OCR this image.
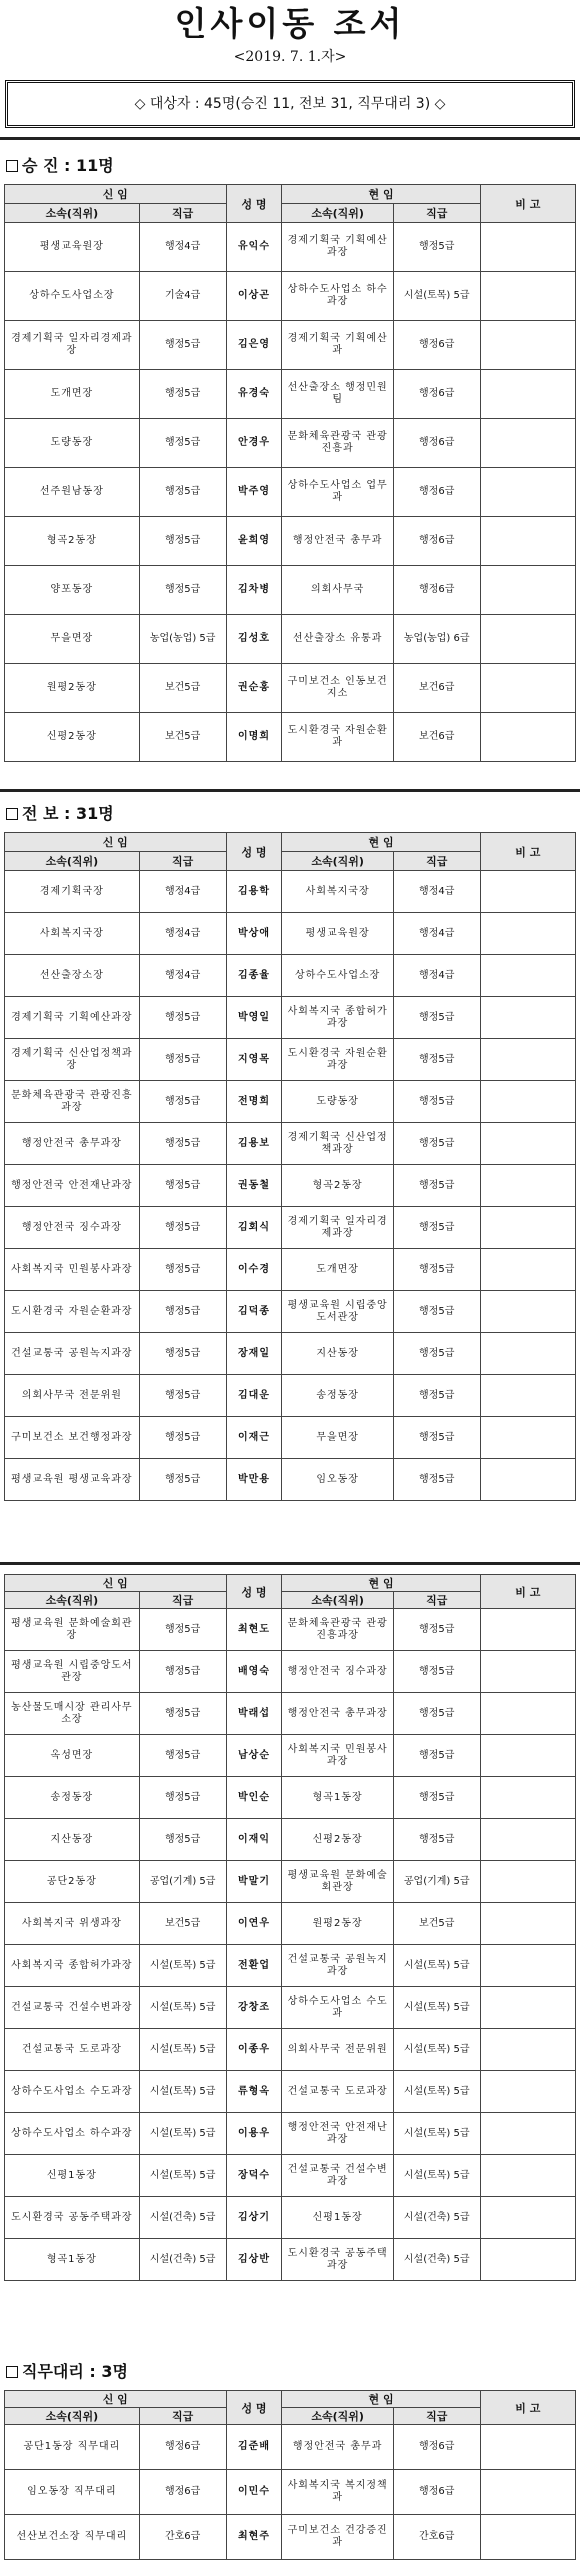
인사이동 조서
<2019. 7. 1.자>
◇ 대상자 : 45명(승진 11, 전보 31, 직무대리 3) ◇
승 진 : 11명
신 임		성 명	현 임		비 고
소속(직위)	직급		소속(직위)	직급	
평생교육원장	행정4급	유익수	경제기획국 기획예산과장	행정5급	
상하수도사업소장	기술4급	이상곤	상하수도사업소 하수과장	시설(토목) 5급	
경제기획국 일자리경제과장	행정5급	김은영	경제기획국 기획예산과	행정6급	
도개면장	행정5급	유경숙	선산출장소 행정민원팀	행정6급	
도량동장	행정5급	안경우	문화체육관광국 관광진흥과	행정6급	
선주원남동장	행정5급	박주영	상하수도사업소 업무과	행정6급	
형곡2동장	행정5급	윤희영	행정안전국 총무과	행정6급	
양포동장	행정5급	김차병	의회사무국	행정6급	
무을면장	농업(농업) 5급	김성호	선산출장소 유통과	농업(농업) 6급	
원평2동장	보건5급	권순홍	구미보건소 인동보건지소	보건6급	
신평2동장	보건5급	이명희	도시환경국 자원순환과	보건6급	
전 보 : 31명
신 임		성 명	현 임		비 고
소속(직위)	직급		소속(직위)	직급	
경제기획국장	행정4급	김용학	사회복지국장	행정4급	
사회복지국장	행정4급	박상애	평생교육원장	행정4급	
선산출장소장	행정4급	김종율	상하수도사업소장	행정4급	
경제기획국 기획예산과장	행정5급	박영일	사회복지국 종합허가과장	행정5급	
경제기획국 신산업정책과장	행정5급	지영목	도시환경국 자원순환과장	행정5급	
문화체육관광국 관광진흥과장	행정5급	전명희	도량동장	행정5급	
행정안전국 총무과장	행정5급	김용보	경제기획국 신산업정책과장	행정5급	
행정안전국 안전재난과장	행정5급	권동철	형곡2동장	행정5급	
행정안전국 징수과장	행정5급	김회식	경제기획국 일자리경제과장	행정5급	
사회복지국 민원봉사과장	행정5급	이수경	도개면장	행정5급	
도시환경국 자원순환과장	행정5급	김덕종	평생교육원 시립중앙도서관장	행정5급	
건설교통국 공원녹지과장	행정5급	장재일	지산동장	행정5급	
의회사무국 전문위원	행정5급	김대운	송정동장	행정5급	
구미보건소 보건행정과장	행정5급	이재근	무을면장	행정5급	
평생교육원 평생교육과장	행정5급	박만용	임오동장	행정5급	
신 임		성 명	현 임		비 고
소속(직위)	직급		소속(직위)	직급	
평생교육원 문화예술회관장	행정5급	최현도	문화체육관광국 관광진흥과장	행정5급	
평생교육원 시립중앙도서관장	행정5급	배영숙	행정안전국 징수과장	행정5급	
농산물도매시장 관리사무소장	행정5급	박래섭	행정안전국 총무과장	행정5급	
옥성면장	행정5급	남상순	사회복지국 민원봉사과장	행정5급	
송정동장	행정5급	박인순	형곡1동장	행정5급	
지산동장	행정5급	이재익	신평2동장	행정5급	
공단2동장	공업(기계) 5급	박말기	평생교육원 문화예술회관장	공업(기계) 5급	
사회복지국 위생과장	보건5급	이연우	원평2동장	보건5급	
사회복지국 종합허가과장	시설(토목) 5급	전환업	건설교통국 공원녹지과장	시설(토목) 5급	
건설교통국 건설수변과장	시설(토목) 5급	강창조	상하수도사업소 수도과	시설(토목) 5급	
건설교통국 도로과장	시설(토목) 5급	이종우	의회사무국 전문위원	시설(토목) 5급	
상하수도사업소 수도과장	시설(토목) 5급	류형옥	건설교통국 도로과장	시설(토목) 5급	
상하수도사업소 하수과장	시설(토목) 5급	이용우	행정안전국 안전재난과장	시설(토목) 5급	
신평1동장	시설(토목) 5급	장덕수	건설교통국 건설수변과장	시설(토목) 5급	
도시환경국 공동주택과장	시설(건축) 5급	김상기	신평1동장	시설(건축) 5급	
형곡1동장	시설(건축) 5급	김상반	도시환경국 공동주택과장	시설(건축) 5급	
직무대리 : 3명
신 임		성 명	현 임		비 고
소속(직위)	직급		소속(직위)	직급	
공단1동장 직무대리	행정6급	김준배	행정안전국 총무과	행정6급	
임오동장 직무대리	행정6급	이민수	사회복지국 복지정책과	행정6급	
선산보건소장 직무대리	간호6급	최현주	구미보건소 건강증진과	간호6급	
